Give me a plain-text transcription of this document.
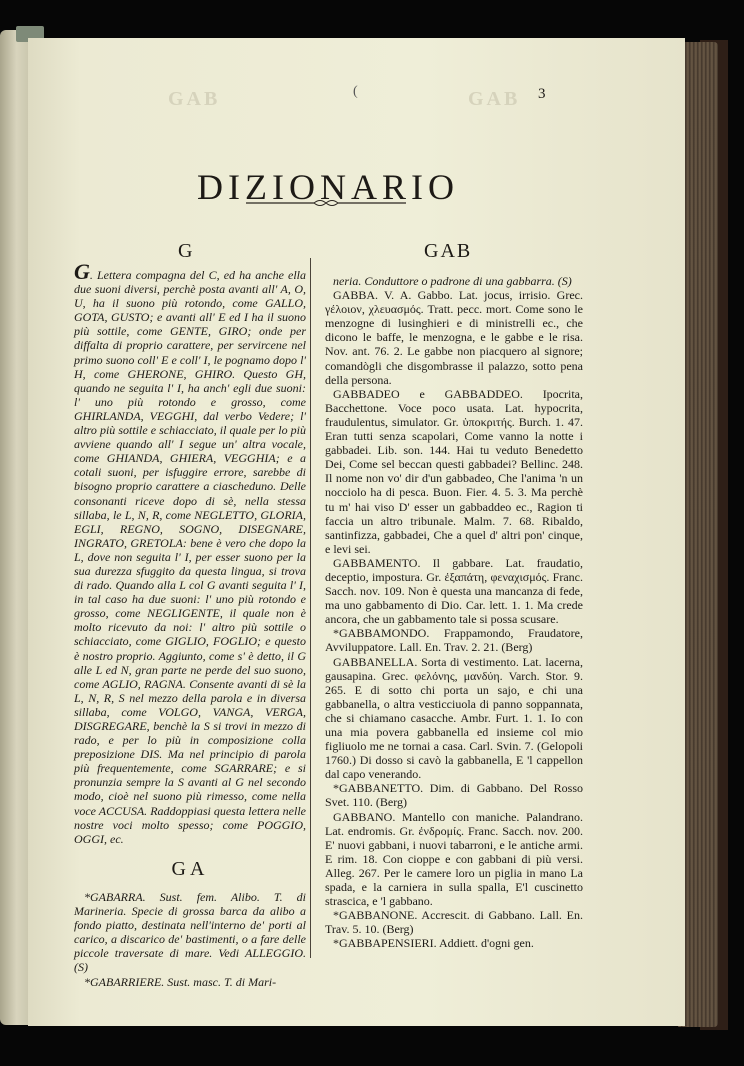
GAB	GAB
(	3
DIZIONARIO
G	GAB

G. Lettera compagna del C, ed ha anche ella due suoni diversi, perchè posta avanti all' A, O, U, ha il suono più rotondo, come GALLO, GOTA, GUSTO; e avanti all' E ed I ha il suono più sottile, come GENTE, GIRO; onde per diffalta di proprio carattere, per servircene nel primo suono coll' E e coll' I, le pognamo dopo l' H, come GHERONE, GHIRO. Questo GH, quando ne seguita l' I, ha anch' egli due suoni: l' uno più rotondo e grosso, come GHIRLANDA, VEGGHI, dal verbo Vedere; l' altro più sottile e schiacciato, il quale per lo più avviene quando all' I segue un' altra vocale, come GHIANDA, GHIERA, VEGGHIA; e a cotali suoni, per isfuggire errore, sarebbe di bisogno proprio carattere a ciascheduno. Delle consonanti riceve dopo di sè, nella stessa sillaba, le L, N, R, come NEGLETTO, GLORIA, EGLI, REGNO, SOGNO, DISEGNARE, INGRATO, GRETOLA: bene è vero che dopo la L, dove non seguita l' I, per esser suono per la sua durezza sfuggito da questa lingua, si trova di rado. Quando alla L col G avanti seguita l' I, in tal caso ha due suoni: l' uno più rotondo e grosso, come NEGLIGENTE, il quale non è molto ricevuto da noi: l' altro più sottile o schiacciato, come GIGLIO, FOGLIO; e questo è nostro proprio. Aggiunto, come s' è detto, il G alle L ed N, gran parte ne perde del suo suono, come AGLIO, RAGNA. Consente avanti di sè la L, N, R, S nel mezzo della parola e in diversa sillaba, come VOLGO, VANGA, VERGA, DISGREGARE, benchè la S si trovi in mezzo di rado, e per lo più in composizione colla preposizione DIS. Ma nel principio di parola più frequentemente, come SGARRARE; e si pronunzia sempre la S avanti al G nel secondo modo, cioè nel suono più rimesso, come nella voce ACCUSA. Raddoppiasi questa lettera nelle nostre voci molto spesso; come POGGIO, OGGI, ec.

GA

*GABARRA. Sust. fem. Alibo. T. di Marineria. Specie di grossa barca da alibo a fondo piatto, destinata nell'interno de' porti al carico, a discarico de' bastimenti, o a fare delle piccole traversate di mare. Vedi ALLEGGIO. (S)

*GABARRIERE. Sust. masc. T. di Mari-

neria. Conduttore o padrone di una gabbarra. (S)

GABBA. V. A. Gabbo. Lat. jocus, irrisio. Grec. γέλοιον, χλευασμός. Tratt. pecc. mort. Come sono le menzogne di lusinghieri e di ministrelli ec., che dicono le baffe, le menzogna, e le gabbe e le risa. Nov. ant. 76. 2. Le gabbe non piacquero al signore; comandògli che disgombrasse il palazzo, sotto pena della persona.

GABBADEO e GABBADDEO. Ipocrita, Bacchettone. Voce poco usata. Lat. hypocrita, fraudulentus, simulator. Gr. ὑποκριτής. Burch. 1. 47. Eran tutti senza scapolari, Come vanno la notte i gabbadei. Lib. son. 144. Hai tu veduto Benedetto Dei, Come sel beccan questi gabbadei? Bellinc. 248. Il nome non vo' dir d'un gabbadeo, Che l'anima 'n un nocciolo ha di pesca. Buon. Fier. 4. 5. 3. Ma perchè tu m' hai viso D' esser un gabbaddeo ec., Ragion ti faccia un altro tribunale. Malm. 7. 68. Ribaldo, santinfizza, gabbadei, Che a quel d' altri pon' cinque, e levi sei.

GABBAMENTO. Il gabbare. Lat. fraudatio, deceptio, impostura. Gr. ἐξαπάτη, φεναχισμός. Franc. Sacch. nov. 109. Non è questa una mancanza di fede, ma uno gabbamento di Dio. Car. lett. 1. 1. Ma crede ancora, che un gabbamento tale si possa scusare.

*GABBAMONDO. Frappamondo, Fraudatore, Avviluppatore. Lall. En. Trav. 2. 21. (Berg)

GABBANELLA. Sorta di vestimento. Lat. lacerna, gausapina. Grec. φελόνης, μανδύη. Varch. Stor. 9. 265. E di sotto chi porta un sajo, e chi una gabbanella, o altra vesticciuola di panno soppannata, che si chiamano casacche. Ambr. Furt. 1. 1. Io con una mia povera gabbanella ed insieme col mio figliuolo me ne tornai a casa. Carl. Svin. 7. (Gelopoli 1760.) Di dosso si cavò la gabbanella, E 'l cappellon dal capo venerando.

*GABBANETTO. Dim. di Gabbano. Del Rosso Svet. 110. (Berg)

GABBANO. Mantello con maniche. Palandrano. Lat. endromis. Gr. ἐνδρομίς. Franc. Sacch. nov. 200. E' nuovi gabbani, i nuovi tabarroni, e le antiche armi. E rim. 18. Con cioppe e con gabbani di più versi. Alleg. 267. Per le camere loro un piglia in mano La spada, e la carniera in sulla spalla, E'l cuscinetto strascica, e 'l gabbano.

*GABBANONE. Accrescit. di Gabbano. Lall. En. Trav. 5. 10. (Berg)

*GABBAPENSIERI. Addiett. d'ogni gen.
